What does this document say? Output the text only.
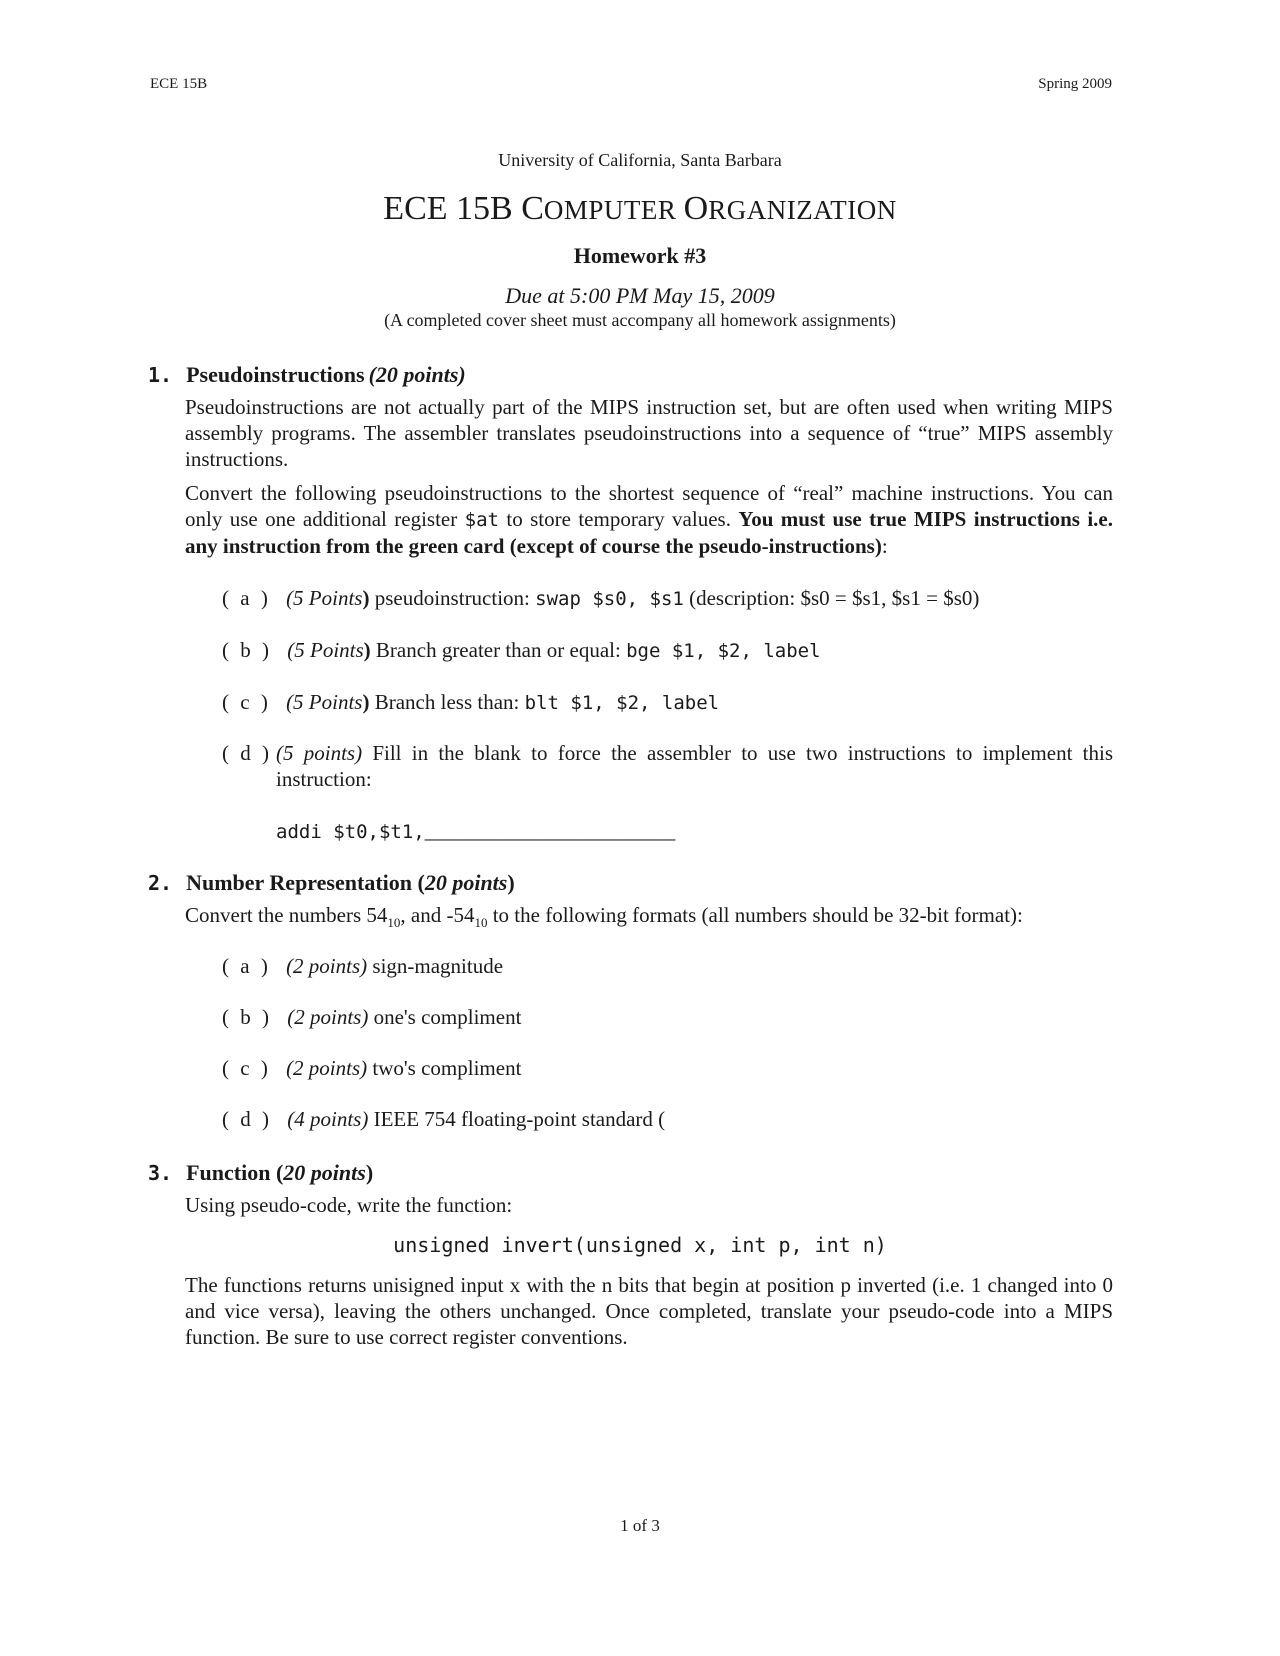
ECE 15B	Spring 2009
University of California, Santa Barbara
ECE 15B COMPUTER ORGANIZATION
Homework #3
Due at 5:00 PM May 15, 2009
(A completed cover sheet must accompany all homework assignments)
1. Pseudoinstructions (20 points)
Pseudoinstructions are not actually part of the MIPS instruction set, but are often used when writing MIPS assembly programs. The assembler translates pseudoinstructions into a sequence of “true” MIPS assembly instructions.
Convert the following pseudoinstructions to the shortest sequence of “real” machine instructions. You can only use one additional register $at to store temporary values. You must use true MIPS instructions i.e. any instruction from the green card (except of course the pseudo-instructions):
( a ) (5 Points) pseudoinstruction: swap $s0, $s1 (description: $s0 = $s1, $s1 = $s0)
( b ) (5 Points) Branch greater than or equal: bge $1, $2, label
( c ) (5 Points) Branch less than: blt $1, $2, label
( d ) (5 points) Fill in the blank to force the assembler to use two instructions to implement this instruction:
addi $t0,$t1,_________________________
2. Number Representation (20 points)
Convert the numbers $54_{10}$, and $-54_{10}$ to the following formats (all numbers should be 32-bit format):
( a ) (2 points) sign-magnitude
( b ) (2 points) one's compliment
( c ) (2 points) two's compliment
( d ) (4 points) IEEE 754 floating-point standard (
3. Function (20 points)
Using pseudo-code, write the function:
unsigned invert(unsigned x, int p, int n)
The functions returns unisigned input x with the n bits that begin at position p inverted (i.e. 1 changed into 0 and vice versa), leaving the others unchanged. Once completed, translate your pseudo-code into a MIPS function. Be sure to use correct register conventions.
1 of 3
